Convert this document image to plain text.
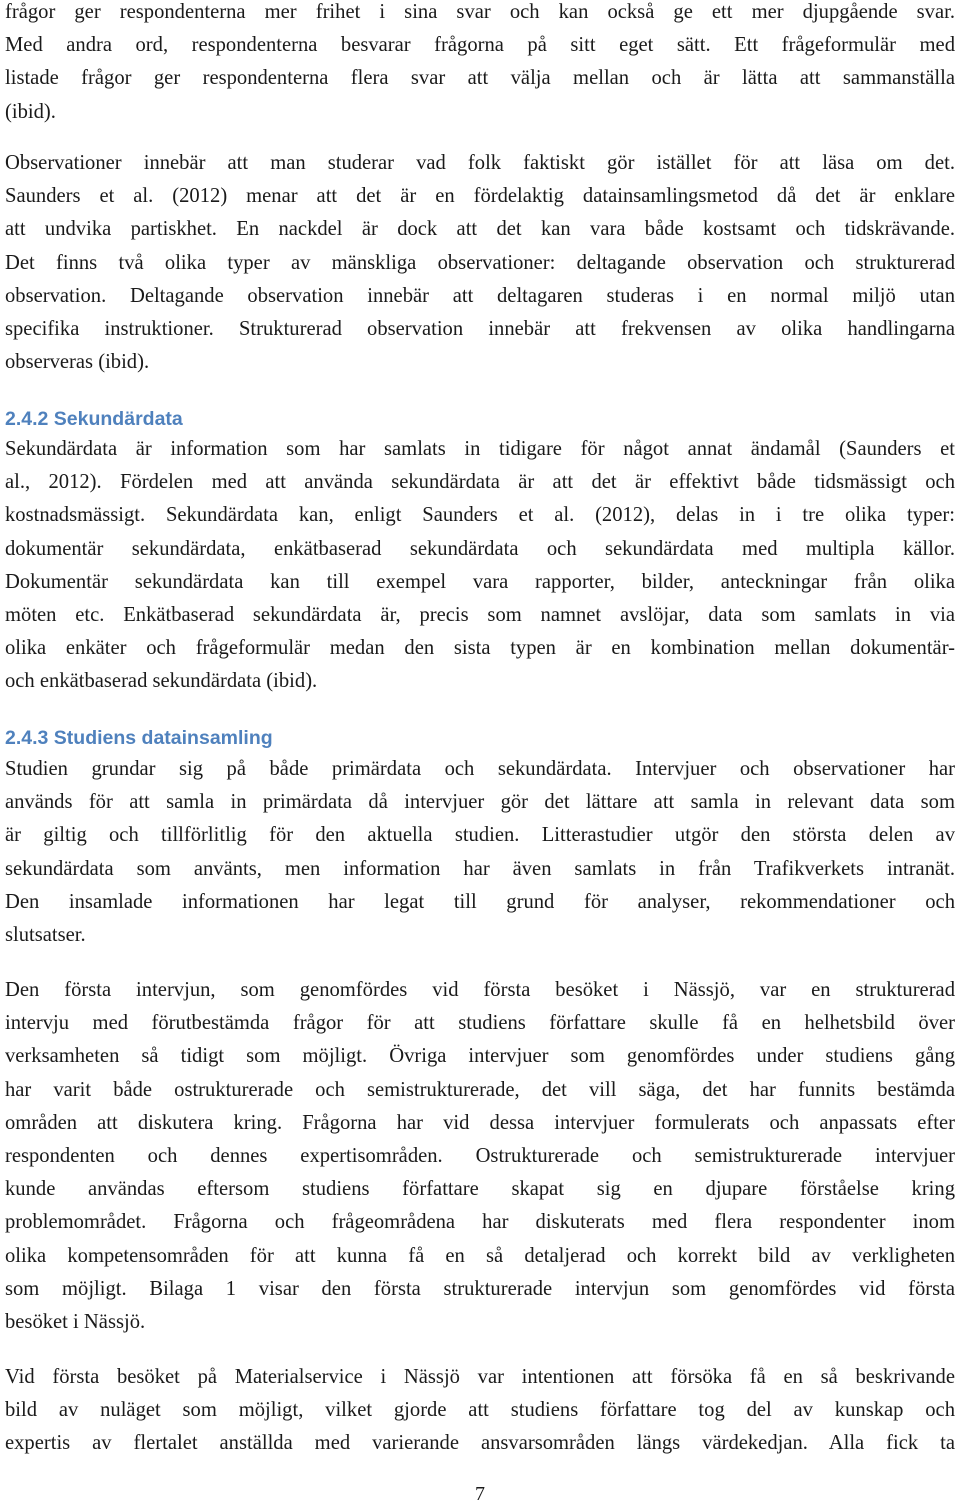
frågor ger respondenterna mer frihet i sina svar och kan också ge ett mer djupgående svar.
Med andra ord, respondenterna besvarar frågorna på sitt eget sätt. Ett frågeformulär med
listade frågor ger respondenterna flera svar att välja mellan och är lätta att sammanställa
(ibid).
Observationer innebär att man studerar vad folk faktiskt gör istället för att läsa om det.
Saunders et al. (2012) menar att det är en fördelaktig datainsamlingsmetod då det är enklare
att undvika partiskhet. En nackdel är dock att det kan vara både kostsamt och tidskrävande.
Det finns två olika typer av mänskliga observationer: deltagande observation och strukturerad
observation. Deltagande observation innebär att deltagaren studeras i en normal miljö utan
specifika instruktioner. Strukturerad observation innebär att frekvensen av olika handlingarna
observeras (ibid).
2.4.2 Sekundärdata
Sekundärdata är information som har samlats in tidigare för något annat ändamål (Saunders et
al., 2012). Fördelen med att använda sekundärdata är att det är effektivt både tidsmässigt och
kostnadsmässigt. Sekundärdata kan, enligt Saunders et al. (2012), delas in i tre olika typer:
dokumentär sekundärdata, enkätbaserad sekundärdata och sekundärdata med multipla källor.
Dokumentär sekundärdata kan till exempel vara rapporter, bilder, anteckningar från olika
möten etc. Enkätbaserad sekundärdata är, precis som namnet avslöjar, data som samlats in via
olika enkäter och frågeformulär medan den sista typen är en kombination mellan dokumentär-
och enkätbaserad sekundärdata (ibid).
2.4.3 Studiens datainsamling
Studien grundar sig på både primärdata och sekundärdata. Intervjuer och observationer har
används för att samla in primärdata då intervjuer gör det lättare att samla in relevant data som
är giltig och tillförlitlig för den aktuella studien. Litterastudier utgör den största delen av
sekundärdata som använts, men information har även samlats in från Trafikverkets intranät.
Den insamlade informationen har legat till grund för analyser, rekommendationer och
slutsatser.
Den första intervjun, som genomfördes vid första besöket i Nässjö, var en strukturerad
intervju med förutbestämda frågor för att studiens författare skulle få en helhetsbild över
verksamheten så tidigt som möjligt. Övriga intervjuer som genomfördes under studiens gång
har varit både ostrukturerade och semistrukturerade, det vill säga, det har funnits bestämda
områden att diskutera kring. Frågorna har vid dessa intervjuer formulerats och anpassats efter
respondenten och dennes expertisområden. Ostrukturerade och semistrukturerade intervjuer
kunde användas eftersom studiens författare skapat sig en djupare förståelse kring
problemområdet. Frågorna och frågeområdena har diskuterats med flera respondenter inom
olika kompetensområden för att kunna få en så detaljerad och korrekt bild av verkligheten
som möjligt. Bilaga 1 visar den första strukturerade intervjun som genomfördes vid första
besöket i Nässjö.
Vid första besöket på Materialservice i Nässjö var intentionen att försöka få en så beskrivande
bild av nuläget som möjligt, vilket gjorde att studiens författare tog del av kunskap och
expertis av flertalet anställda med varierande ansvarsområden längs värdekedjan. Alla fick ta
7
